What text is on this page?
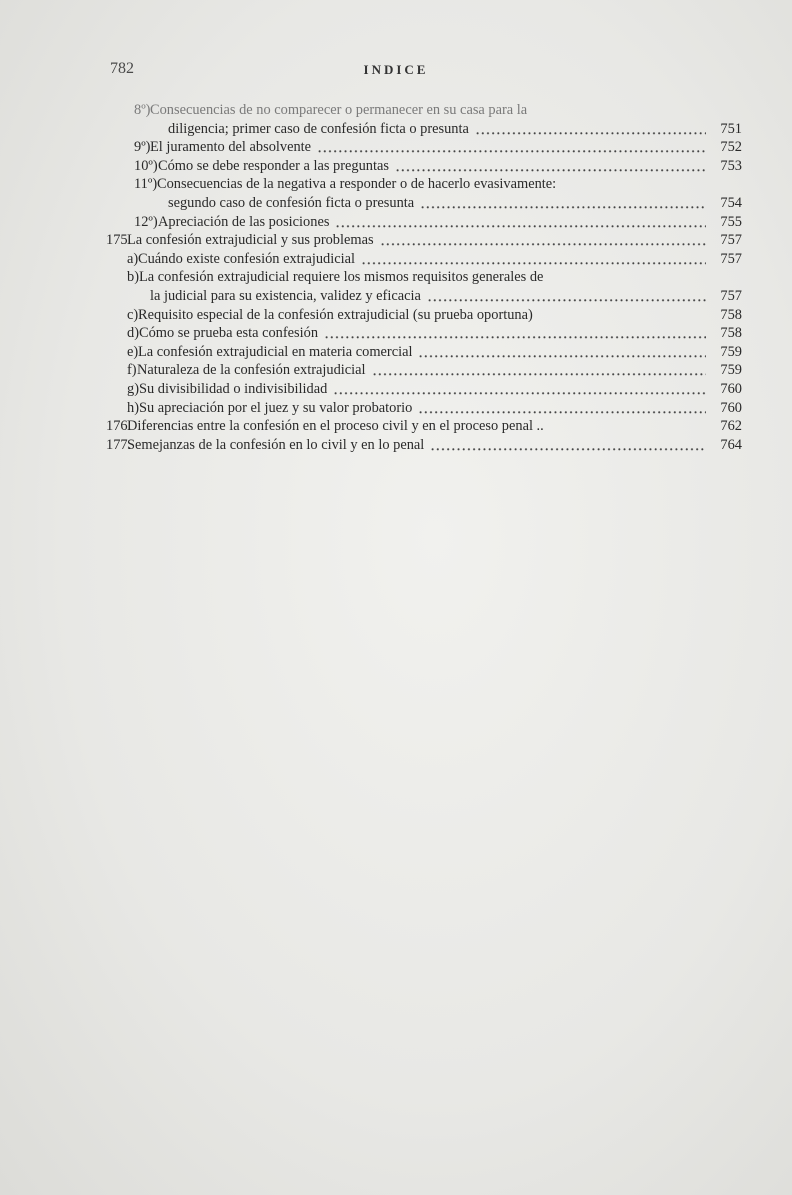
782	INDICE
8º) Consecuencias de no comparecer o permanecer en su casa para la
diligencia; primer caso de confesión ficta o presunta	751
9º) El juramento del absolvente	752
10º) Cómo se debe responder a las preguntas	753
11º) Consecuencias de la negativa a responder o de hacerlo evasivamente:
segundo caso de confesión ficta o presunta	754
12º) Apreciación de las posiciones	755
175.
La confesión extrajudicial y sus problemas	757
a) Cuándo existe confesión extrajudicial	757
b) La confesión extrajudicial requiere los mismos requisitos generales de
la judicial para su existencia, validez y eficacia	757
c) Requisito especial de la confesión extrajudicial (su prueba oportuna)	758
d) Cómo se prueba esta confesión	758
e) La confesión extrajudicial en materia comercial	759
f) Naturaleza de la confesión extrajudicial	759
g) Su divisibilidad o indivisibilidad	760
h) Su apreciación por el juez y su valor probatorio	760
176.
Diferencias entre la confesión en el proceso civil y en el proceso penal ..	762
177.
Semejanzas de la confesión en lo civil y en lo penal	764
